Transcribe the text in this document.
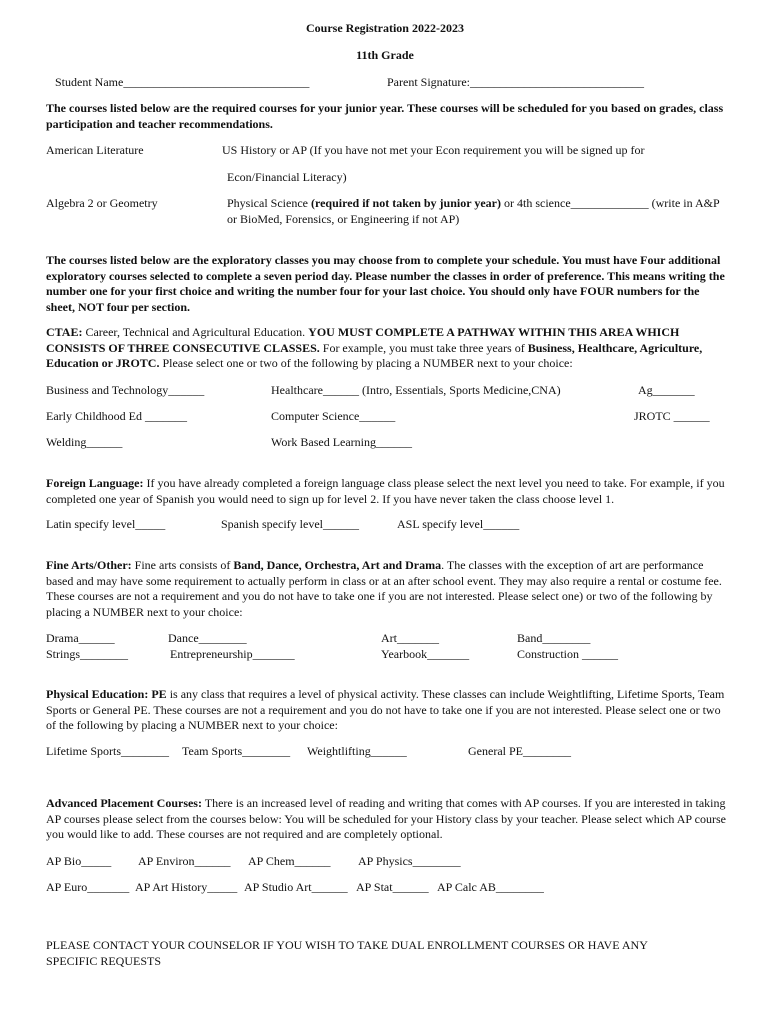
Course Registration 2022-2023
11th Grade
Student Name_______________________________	Parent Signature:_____________________________
The courses listed below are the required courses for your junior year. These courses will be scheduled for you based on grades, class participation and teacher recommendations.
American Literature	US History or AP (If you have not met your Econ requirement you will be signed up for
Econ/Financial Literacy)
Algebra 2 or Geometry	Physical Science (required if not taken by junior year) or 4th science_____________ (write in A&P or BioMed, Forensics, or Engineering if not AP)
The courses listed below are the exploratory classes you may choose from to complete your schedule. You must have Four additional exploratory courses selected to complete a seven period day. Please number the classes in order of preference. This means writing the number one for your first choice and writing the number four for your last choice. You should only have FOUR numbers for the sheet, NOT four per section.
CTAE: Career, Technical and Agricultural Education. YOU MUST COMPLETE A PATHWAY WITHIN THIS AREA WHICH CONSISTS OF THREE CONSECUTIVE CLASSES. For example, you must take three years of Business, Healthcare, Agriculture, Education or JROTC. Please select one or two of the following by placing a NUMBER next to your choice:
Business and Technology______	Healthcare______ (Intro, Essentials, Sports Medicine,CNA)	Ag_______
Early Childhood Ed _______	Computer Science______	JROTC ______
Welding______	Work Based Learning______
Foreign Language: If you have already completed a foreign language class please select the next level you need to take. For example, if you completed one year of Spanish you would need to sign up for level 2. If you have never taken the class choose level 1.
Latin specify level_____	Spanish specify level______	ASL specify level______
Fine Arts/Other: Fine arts consists of Band, Dance, Orchestra, Art and Drama. The classes with the exception of art are performance based and may have some requirement to actually perform in class or at an after school event. They may also require a rental or costume fee. These courses are not a requirement and you do not have to take one if you are not interested. Please select one) or two of the following by placing a NUMBER next to your choice:
Drama______	Dance________	Art_______	Band________
Strings________	Entrepreneurship_______	Yearbook_______	Construction ______
Physical Education: PE is any class that requires a level of physical activity. These classes can include Weightlifting, Lifetime Sports, Team Sports or General PE. These courses are not a requirement and you do not have to take one if you are not interested. Please select one or two of the following by placing a NUMBER next to your choice:
Lifetime Sports________ Team Sports________ Weightlifting______	General PE________
Advanced Placement Courses: There is an increased level of reading and writing that comes with AP courses. If you are interested in taking AP courses please select from the courses below: You will be scheduled for your History class by your teacher. Please select which AP course you would like to add. These courses are not required and are completely optional.
AP Bio_____ AP Environ______ AP Chem______ AP Physics________
AP Euro_______ AP Art History_____ AP Studio Art______ AP Stat______ AP Calc AB________
PLEASE CONTACT YOUR COUNSELOR IF YOU WISH TO TAKE DUAL ENROLLMENT COURSES OR HAVE ANY SPECIFIC REQUESTS
